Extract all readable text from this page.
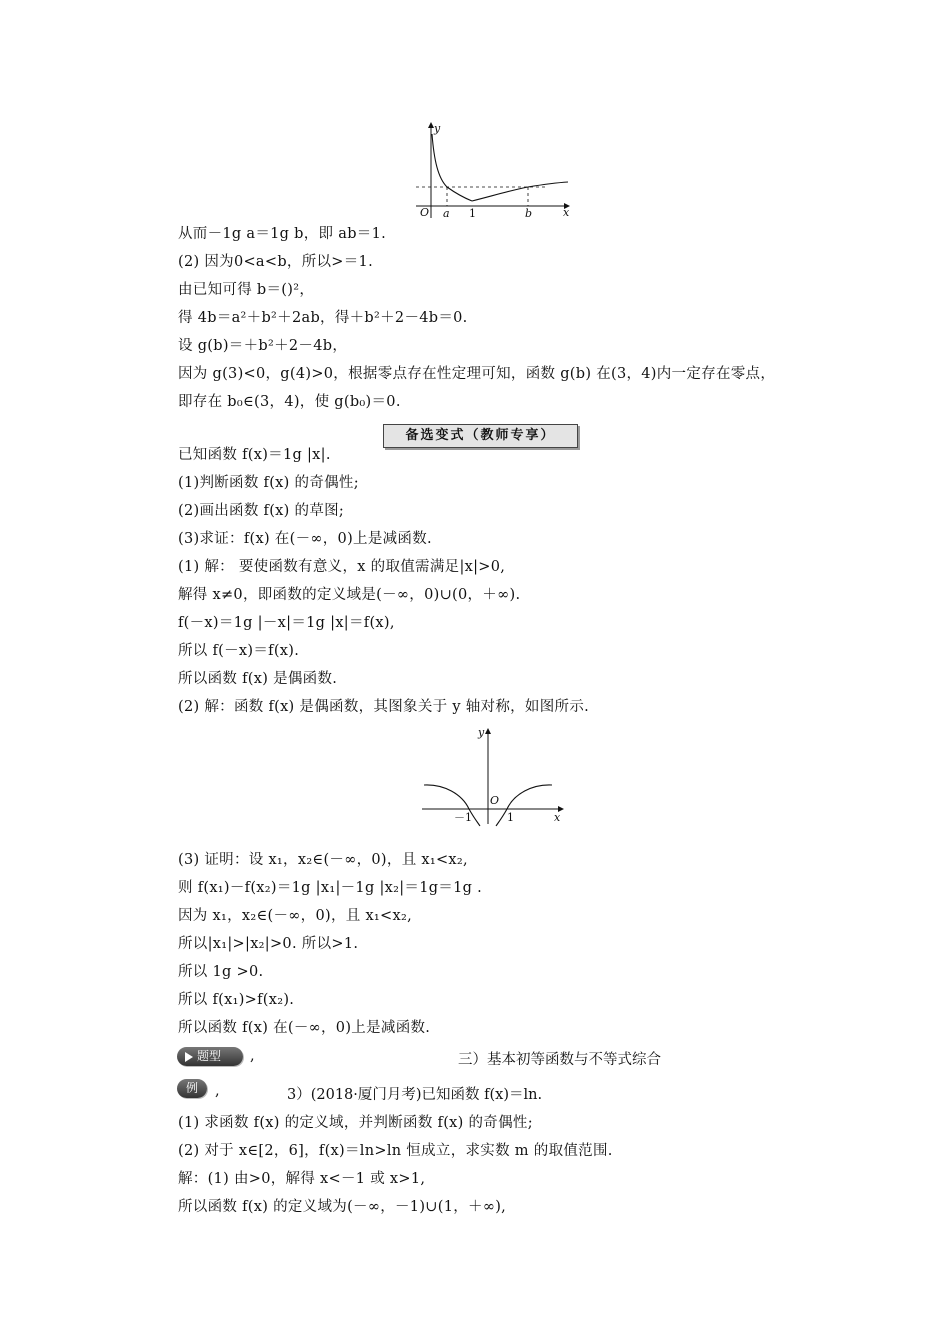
y
x
O a 1	b
从而－1g a＝1g b，即 ab＝1.
(2) 因为0<a<b，所以>＝1.
由已知可得 b＝()²，
得 4b＝a²＋b²＋2ab，得＋b²＋2－4b＝0.
设 g(b)＝＋b²＋2－4b，
因为 g(3)<0，g(4)>0，根据零点存在性定理可知，函数 g(b) 在(3，4)内一定存在零点，
即存在 b₀∈(3，4)，使 g(b₀)＝0.
备选变式（教师专享）
已知函数 f(x)＝1g |x|.
(1)判断函数 f(x) 的奇偶性;
(2)画出函数 f(x) 的草图;
(3)求证：f(x) 在(－∞，0)上是减函数.
(1) 解： 要使函数有意义，x 的取值需满足|x|>0,
解得 x≠0，即函数的定义域是(－∞，0)∪(0，＋∞).
f(－x)＝1g |－x|＝1g |x|＝f(x),
所以 f(－x)＝f(x).
所以函数 f(x) 是偶函数.
(2) 解：函数 f(x) 是偶函数，其图象关于 y 轴对称，如图所示.
y
x
O
－1	1
(3) 证明：设 x₁，x₂∈(－∞，0)，且 x₁<x₂,
则 f(x₁)－f(x₂)＝1g |x₁|－1g |x₂|＝1g＝1g .
因为 x₁，x₂∈(－∞，0)，且 x₁<x₂,
所以|x₁|>|x₂|>0. 所以>1.
所以 1g >0.
所以 f(x₁)>f(x₂).
所以函数 f(x) 在(－∞，0)上是减函数.
题型	,	三）基本初等函数与不等式综合
例	,	3）(2018·厦门月考)已知函数 f(x)＝ln.
(1) 求函数 f(x) 的定义域，并判断函数 f(x) 的奇偶性;
(2) 对于 x∈[2，6]，f(x)＝ln>ln 恒成立，求实数 m 的取值范围.
解：(1) 由>0，解得 x<－1 或 x>1,
所以函数 f(x) 的定义域为(－∞，－1)∪(1，＋∞),
